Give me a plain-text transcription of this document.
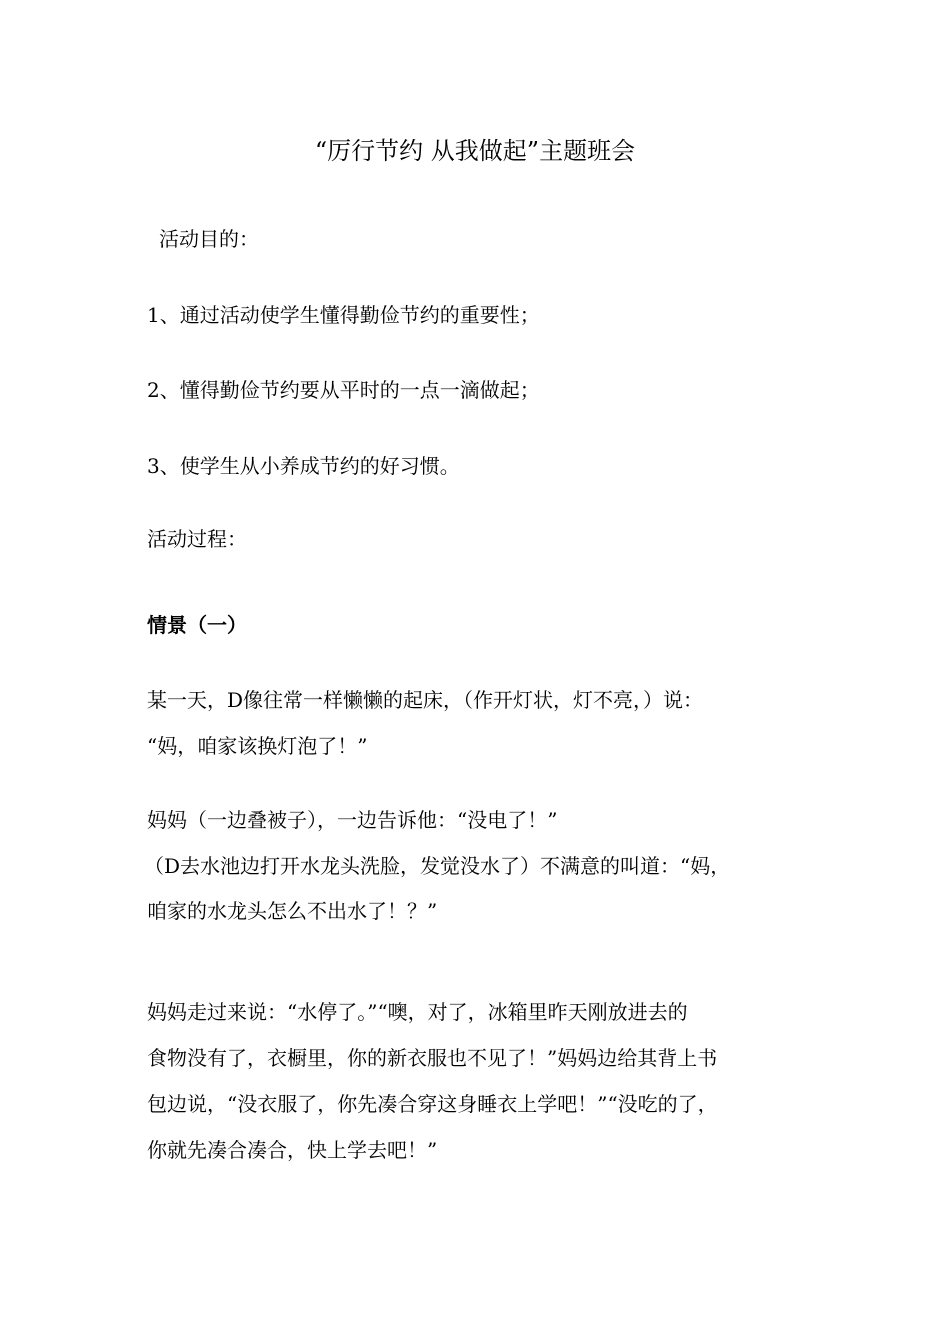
“厉行节约 从我做起”主题班会
活动目的：
1、通过活动使学生懂得勤俭节约的重要性；
2、懂得勤俭节约要从平时的一点一滴做起；
3、使学生从小养成节约的好习惯。
活动过程：
情景（一）
某一天，D像往常一样懒懒的起床，（作开灯状，灯不亮，）说：
“妈，咱家该换灯泡了！”
妈妈（一边叠被子），一边告诉他：“没电了！”
（D去水池边打开水龙头洗脸，发觉没水了）不满意的叫道：“妈，
咱家的水龙头怎么不出水了！？”
妈妈走过来说：“水停了。”“噢，对了，冰箱里昨天刚放进去的
食物没有了，衣橱里，你的新衣服也不见了！”妈妈边给其背上书
包边说，“没衣服了，你先凑合穿这身睡衣上学吧！”“没吃的了，
你就先凑合凑合，快上学去吧！”
